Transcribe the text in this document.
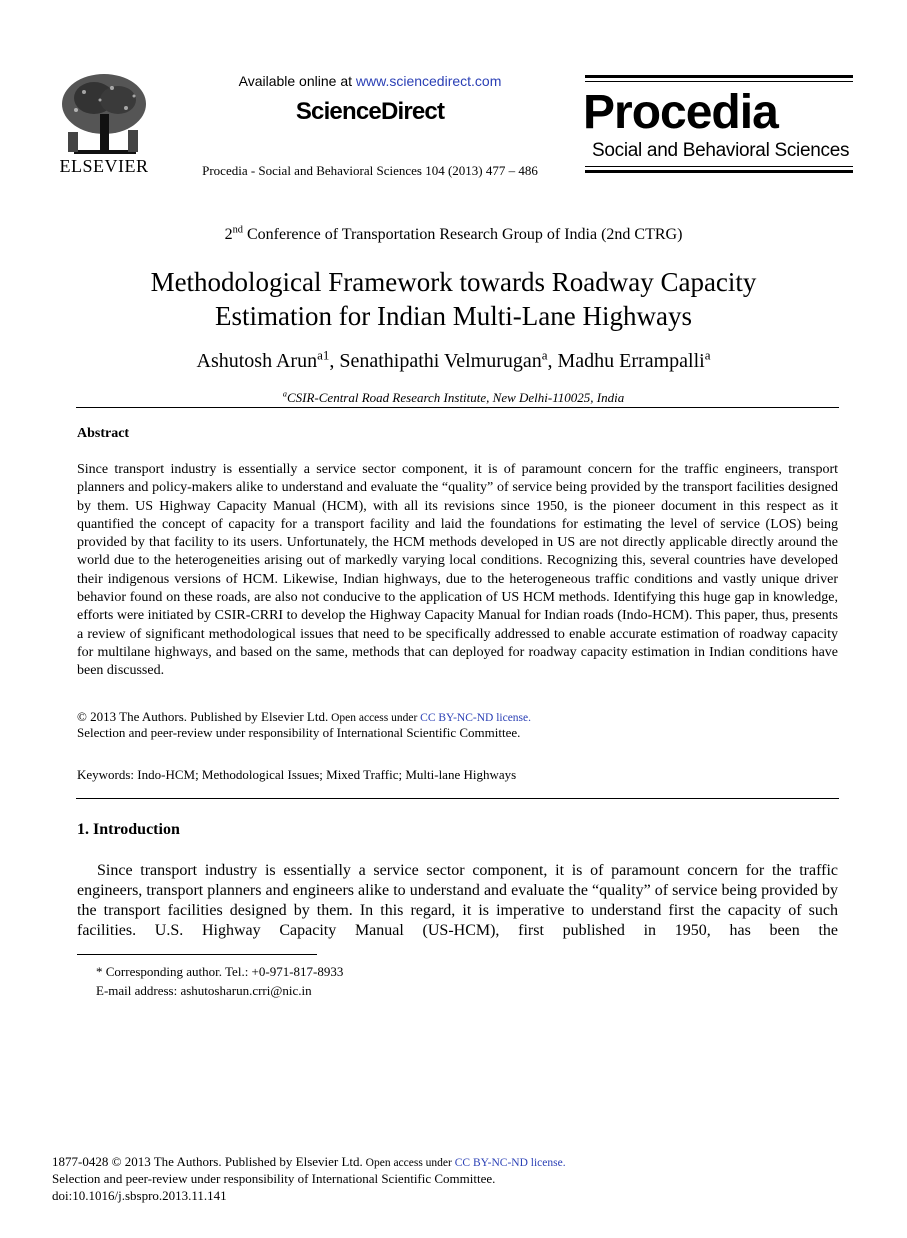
ELSEVIER
Available online at www.sciencedirect.com
ScienceDirect
Procedia - Social and Behavioral Sciences 104 (2013) 477 – 486
Procedia
Social and Behavioral Sciences
2nd Conference of Transportation Research Group of India (2nd CTRG)
Methodological Framework towards Roadway Capacity
Estimation for Indian Multi-Lane Highways
Ashutosh Arun$^{a1}$, Senathipathi Velmurugan$^a$, Madhu Errampalli$^a$
$^a$CSIR-Central Road Research Institute, New Delhi-110025, India
Abstract
Since transport industry is essentially a service sector component, it is of paramount concern for the traffic engineers, transport planners and policy-makers alike to understand and evaluate the “quality” of service being provided by the transport facilities designed by them. US Highway Capacity Manual (HCM), with all its revisions since 1950, is the pioneer document in this respect as it quantified the concept of capacity for a transport facility and laid the foundations for estimating the level of service (LOS) being provided by that facility to its users. Unfortunately, the HCM methods developed in US are not directly applicable directly around the world due to the heterogeneities arising out of markedly varying local conditions. Recognizing this, several countries have developed their indigenous versions of HCM. Likewise, Indian highways, due to the heterogeneous traffic conditions and vastly unique driver behavior found on these roads, are also not conducive to the application of US HCM methods. Identifying this huge gap in knowledge, efforts were initiated by CSIR-CRRI to develop the Highway Capacity Manual for Indian roads (Indo-HCM). This paper, thus, presents a review of significant methodological issues that need to be specifically addressed to enable accurate estimation of roadway capacity for multilane highways, and based on the same, methods that can deployed for roadway capacity estimation in Indian conditions have been discussed.
© 2013 The Authors. Published by Elsevier Ltd. Open access under CC BY-NC-ND license.
Selection and peer-review under responsibility of International Scientific Committee.
Keywords: Indo-HCM; Methodological Issues; Mixed Traffic; Multi-lane Highways
1. Introduction
Since transport industry is essentially a service sector component, it is of paramount concern for the traffic engineers, transport planners and engineers alike to understand and evaluate the “quality” of service being provided by the transport facilities designed by them. In this regard, it is imperative to understand first the capacity of such facilities. U.S. Highway Capacity Manual (US-HCM), first published in 1950, has been the
* Corresponding author. Tel.: +0-971-817-8933
E-mail address: ashutosharun.crri@nic.in
1877-0428 © 2013 The Authors. Published by Elsevier Ltd. Open access under CC BY-NC-ND license.
Selection and peer-review under responsibility of International Scientific Committee.
doi:10.1016/j.sbspro.2013.11.141
